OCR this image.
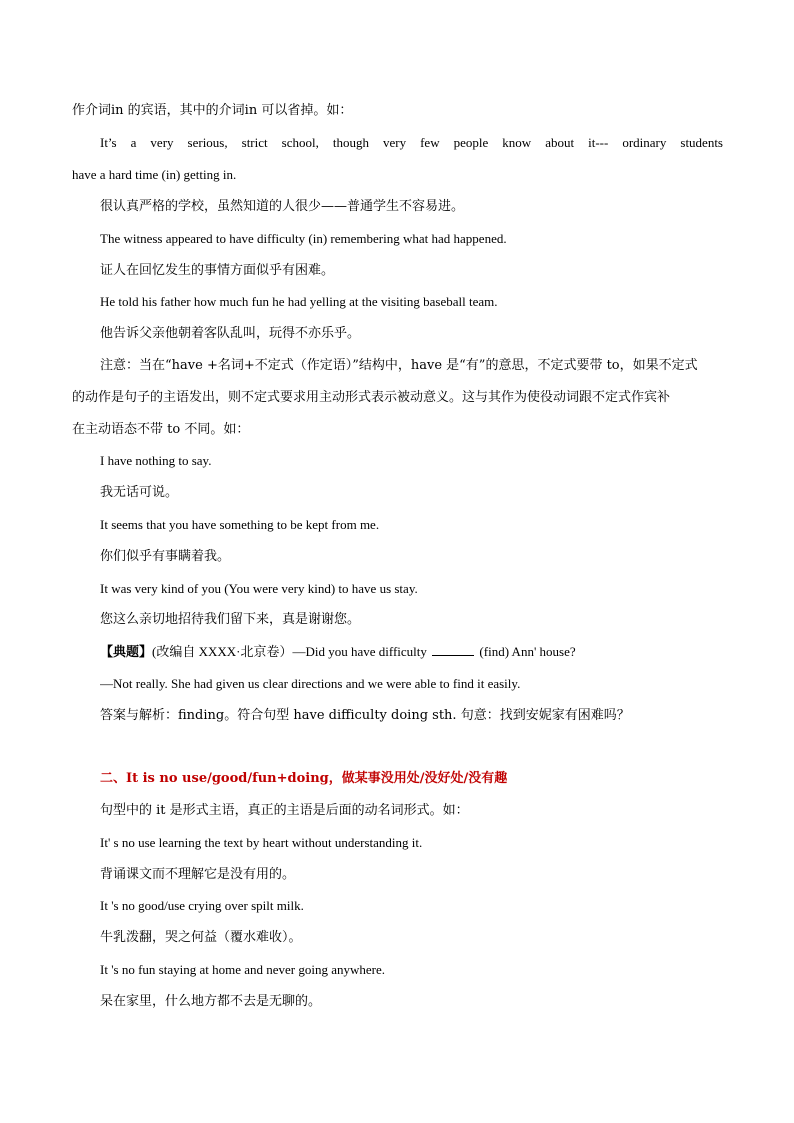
作介词in 的宾语，其中的介词in 可以省掉。如：
It’s a very serious, strict school, though very few people know about it--- ordinary students
have a hard time (in) getting in.
很认真严格的学校，虽然知道的人很少——普通学生不容易进。
The witness appeared to have difficulty (in) remembering what had happened.
证人在回忆发生的事情方面似乎有困难。
He told his father how much fun he had yelling at the visiting baseball team.
他告诉父亲他朝着客队乱叫，玩得不亦乐乎。
注意：当在“have +名词+不定式（作定语）”结构中，have 是“有”的意思，不定式要带 to，如果不定式
的动作是句子的主语发出，则不定式要求用主动形式表示被动意义。这与其作为使役动词跟不定式作宾补
在主动语态不带 to 不同。如：
I have nothing to say.
我无话可说。
It seems that you have something to be kept from me.
你们似乎有事瞒着我。
It was very kind of you (You were very kind) to have us stay.
您这么亲切地招待我们留下来，真是谢谢您。
【典题】(改编自 XXXX·北京卷）—Did you have difficulty	(find) Ann' house?
—Not really. She had given us clear directions and we were able to find it easily.
答案与解析：finding。符合句型 have difficulty doing sth. 句意：找到安妮家有困难吗？
二、It is no use/good/fun+doing，做某事没用处/没好处/没有趣
句型中的 it 是形式主语，真正的主语是后面的动名词形式。如：
It' s no use learning the text by heart without understanding it.
背诵课文而不理解它是没有用的。
It 's no good/use crying over spilt milk.
牛乳泼翻，哭之何益（覆水难收）。
It 's no fun staying at home and never going anywhere.
呆在家里，什么地方都不去是无聊的。
